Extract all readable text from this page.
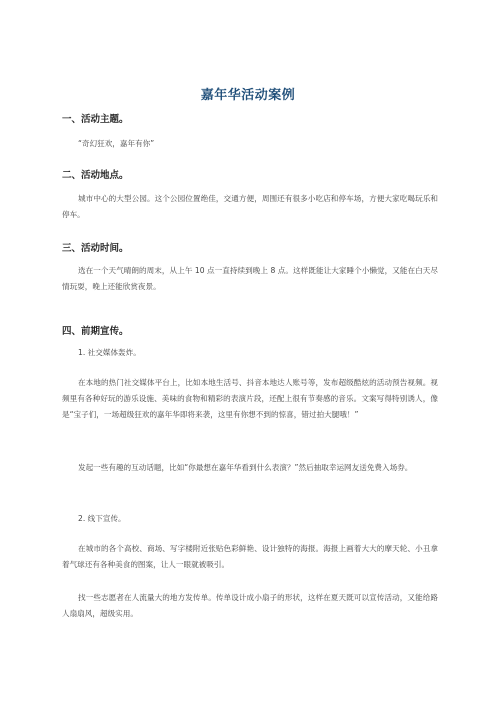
嘉年华活动案例
一、活动主题。
“奇幻狂欢，嘉年有你”
二、活动地点。
城市中心的大型公园。这个公园位置绝佳，交通方便，周围还有很多小吃店和停车场，方便大家吃喝玩乐和停车。
三、活动时间。
选在一个天气晴朗的周末，从上午 10 点一直持续到晚上 8 点。这样既能让大家睡个小懒觉，又能在白天尽情玩耍，晚上还能欣赏夜景。
四、前期宣传。
1. 社交媒体轰炸。
在本地的热门社交媒体平台上，比如本地生活号、抖音本地达人账号等，发布超级酷炫的活动预告视频。视频里有各种好玩的游乐设施、美味的食物和精彩的表演片段，还配上很有节奏感的音乐。文案写得特别诱人，像是“宝子们，一场超级狂欢的嘉年华即将来袭，这里有你想不到的惊喜，错过拍大腿哦！”
发起一些有趣的互动话题，比如“你最想在嘉年华看到什么表演？”然后抽取幸运网友送免费入场券。
2. 线下宣传。
在城市的各个高校、商场、写字楼附近张贴色彩鲜艳、设计独特的海报。海报上画着大大的摩天轮、小丑拿着气球还有各种美食的图案，让人一眼就被吸引。
找一些志愿者在人流量大的地方发传单。传单设计成小扇子的形状，这样在夏天既可以宣传活动，又能给路人扇扇风，超级实用。
